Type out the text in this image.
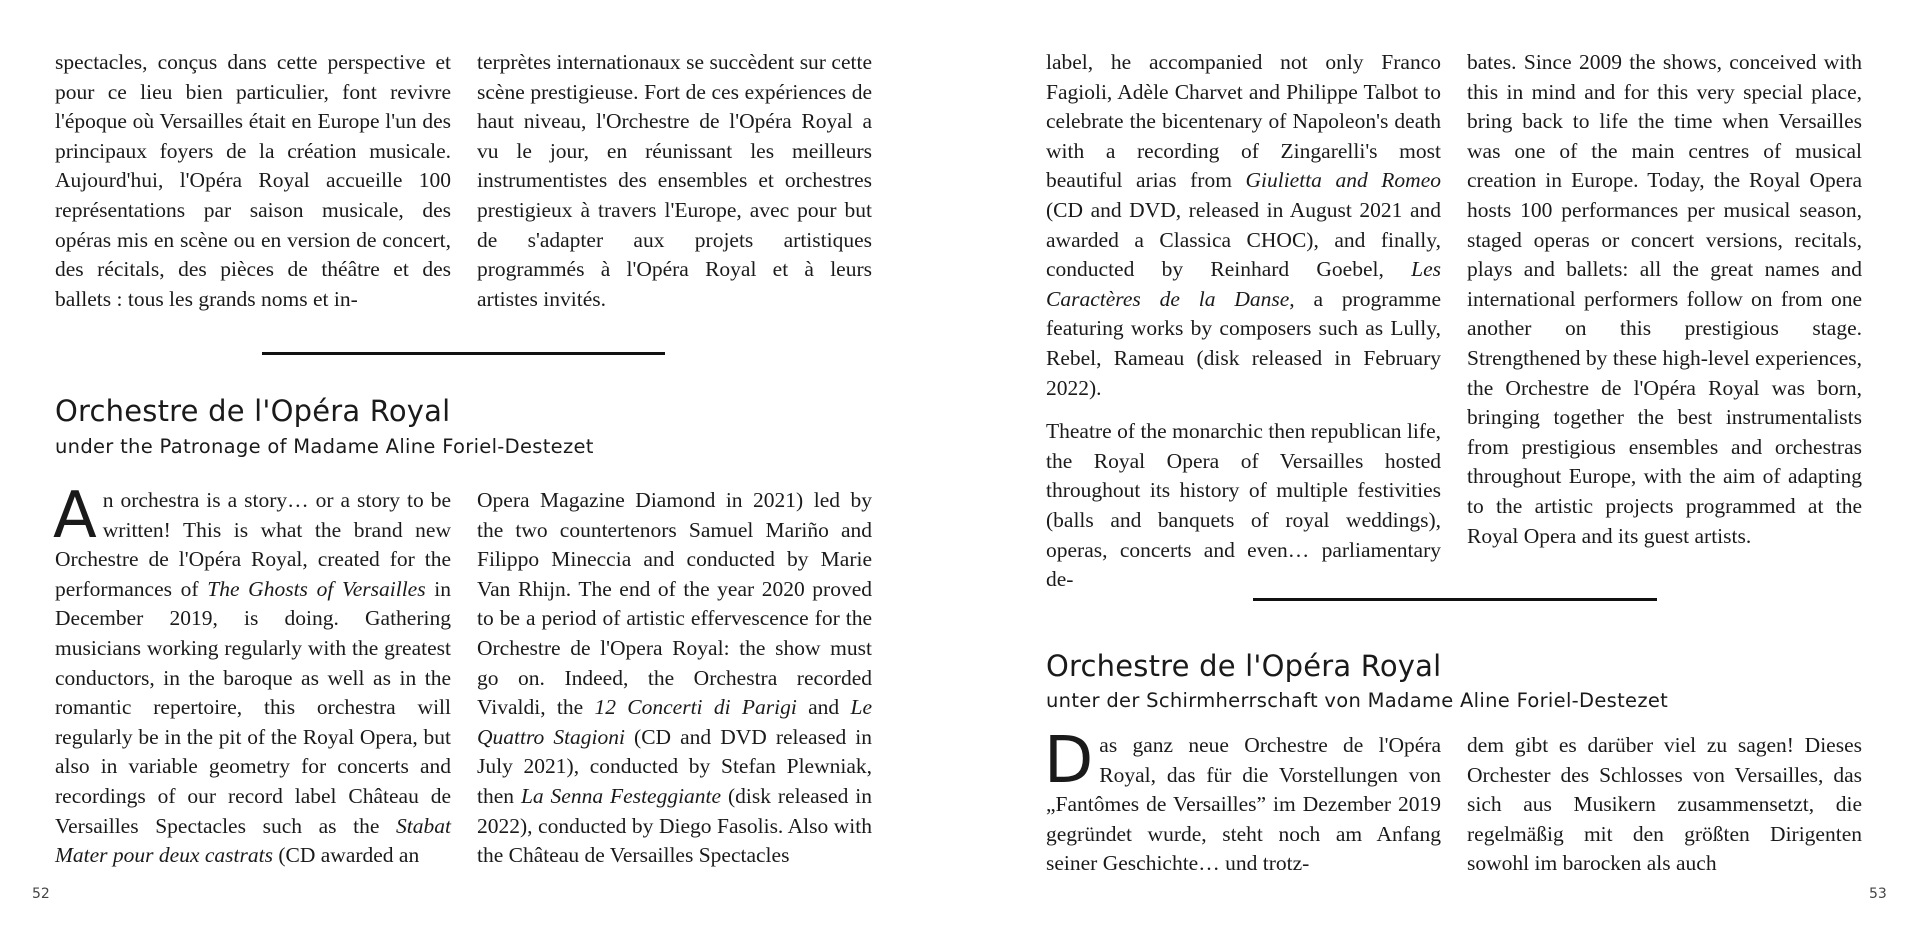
spectacles, conçus dans cette perspective et pour ce lieu bien particulier, font revivre l'époque où Versailles était en Europe l'un des principaux foyers de la création musicale. Aujourd'hui, l'Opéra Royal accueille 100 représentations par saison musicale, des opéras mis en scène ou en version de concert, des récitals, des pièces de théâtre et des ballets : tous les grands noms et in-

terprètes internationaux se succèdent sur cette scène prestigieuse. Fort de ces expériences de haut niveau, l'Orchestre de l'Opéra Royal a vu le jour, en réunissant les meilleurs instrumentistes des ensembles et orchestres prestigieux à travers l'Europe, avec pour but de s'adapter aux projets artistiques programmés à l'Opéra Royal et à leurs artistes invités.

Orchestre de l'Opéra Royal
under the Patronage of Madame Aline Foriel-Destezet

An orchestra is a story… or a story to be written! This is what the brand new Orchestre de l'Opéra Royal, created for the performances of The Ghosts of Versailles in December 2019, is doing. Gathering musicians working regularly with the greatest conductors, in the baroque as well as in the romantic repertoire, this orchestra will regularly be in the pit of the Royal Opera, but also in variable geometry for concerts and recordings of our record label Château de Versailles Spectacles such as the Stabat Mater pour deux castrats (CD awarded an

Opera Magazine Diamond in 2021) led by the two countertenors Samuel Mariño and Filippo Mineccia and conducted by Marie Van Rhijn. The end of the year 2020 proved to be a period of artistic effervescence for the Orchestre de l'Opera Royal: the show must go on. Indeed, the Orchestra recorded Vivaldi, the 12 Concerti di Parigi and Le Quattro Stagioni (CD and DVD released in July 2021), conducted by Stefan Plewniak, then La Senna Festeggiante (disk released in 2022), conducted by Diego Fasolis. Also with the Château de Versailles Spectacles

52

label, he accompanied not only Franco Fagioli, Adèle Charvet and Philippe Talbot to celebrate the bicentenary of Napoleon's death with a recording of Zingarelli's most beautiful arias from Giulietta and Romeo (CD and DVD, released in August 2021 and awarded a Classica CHOC), and finally, conducted by Reinhard Goebel, Les Caractères de la Danse, a programme featuring works by composers such as Lully, Rebel, Rameau (disk released in February 2022).

Theatre of the monarchic then republican life, the Royal Opera of Versailles hosted throughout its history of multiple festivities (balls and banquets of royal weddings), operas, concerts and even… parliamentary de-

bates. Since 2009 the shows, conceived with this in mind and for this very special place, bring back to life the time when Versailles was one of the main centres of musical creation in Europe. Today, the Royal Opera hosts 100 performances per musical season, staged operas or concert versions, recitals, plays and ballets: all the great names and international performers follow on from one another on this prestigious stage. Strengthened by these high-level experiences, the Orchestre de l'Opéra Royal was born, bringing together the best instrumentalists from prestigious ensembles and orchestras throughout Europe, with the aim of adapting to the artistic projects programmed at the Royal Opera and its guest artists.

Orchestre de l'Opéra Royal
unter der Schirmherrschaft von Madame Aline Foriel-Destezet

Das ganz neue Orchestre de l'Opéra Royal, das für die Vorstellungen von „Fantômes de Versailles” im Dezember 2019 gegründet wurde, steht noch am Anfang seiner Geschichte… und trotz-

dem gibt es darüber viel zu sagen! Dieses Orchester des Schlosses von Versailles, das sich aus Musikern zusammensetzt, die regelmäßig mit den größten Dirigenten sowohl im barocken als auch

53
